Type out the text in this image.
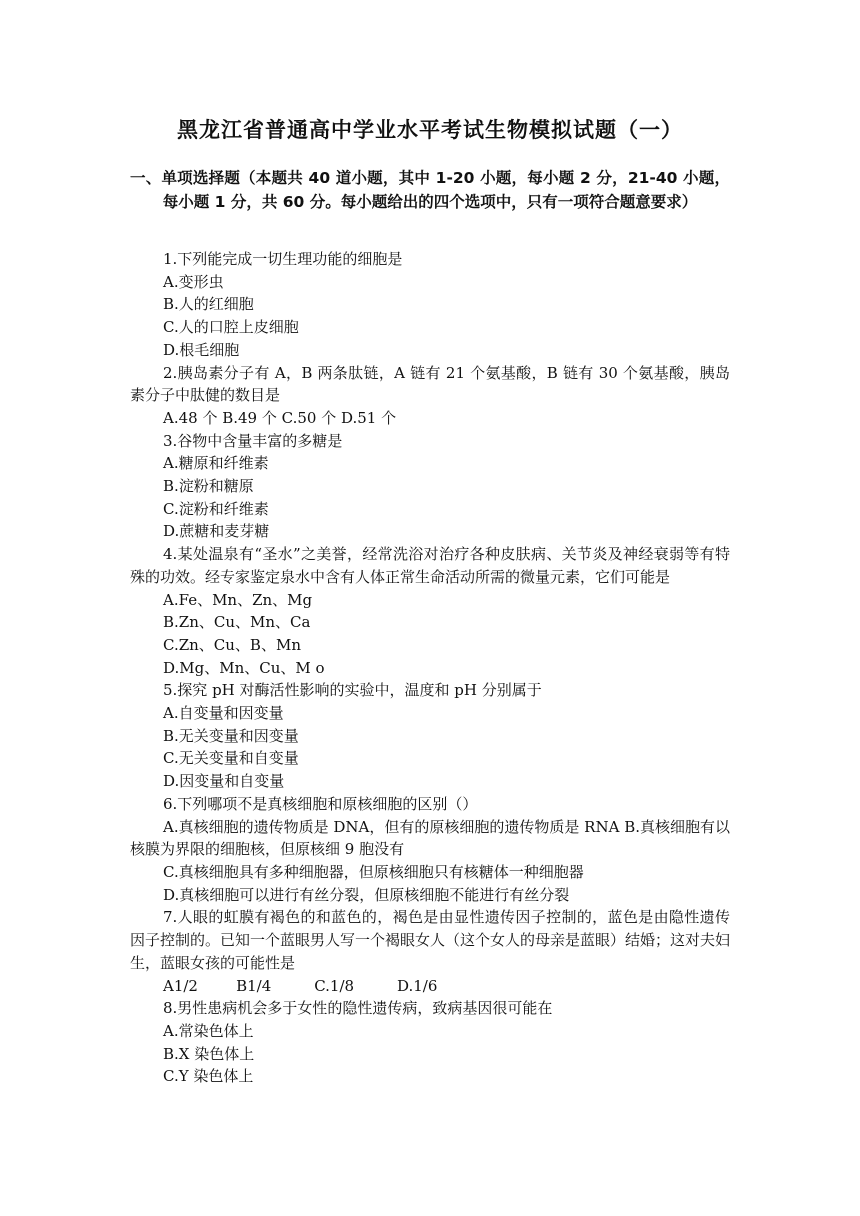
黑龙江省普通高中学业水平考试生物模拟试题（一）
一、单项选择题（本题共 40 道小题，其中 1-20 小题，每小题 2 分，21-40 小题，每小题 1 分，共 60 分。每小题给出的四个选项中，只有一项符合题意要求）

1.下列能完成一切生理功能的细胞是

A.变形虫

B.人的红细胞

C.人的口腔上皮细胞

D.根毛细胞

2.胰岛素分子有 A，B 两条肽链，A 链有 21 个氨基酸，B 链有 30 个氨基酸，胰岛素分子中肽健的数目是

A.48 个 B.49 个 C.50 个 D.51 个

3.谷物中含量丰富的多糖是

A.糖原和纤维素

B.淀粉和糖原

C.淀粉和纤维素

D.蔗糖和麦芽糖

4.某处温泉有“圣水”之美誉，经常洗浴对治疗各种皮肤病、关节炎及神经衰弱等有特殊的功效。经专家鉴定泉水中含有人体正常生命活动所需的微量元素，它们可能是

A.Fe、Mn、Zn、Mg

B.Zn、Cu、Mn、Ca

C.Zn、Cu、B、Mn

D.Mg、Mn、Cu、M o

5.探究 pH 对酶活性影响的实验中，温度和 pH 分别属于

A.自变量和因变量

B.无关变量和因变量

C.无关变量和自变量

D.因变量和自变量

6.下列哪项不是真核细胞和原核细胞的区别（）

A.真核细胞的遗传物质是 DNA，但有的原核细胞的遗传物质是 RNA B.真核细胞有以核膜为界限的细胞核，但原核细 9 胞没有

C.真核细胞具有多种细胞器，但原核细胞只有核糖体一种细胞器

D.真核细胞可以进行有丝分裂，但原核细胞不能进行有丝分裂

7.人眼的虹膜有褐色的和蓝色的，褐色是由显性遗传因子控制的，蓝色是由隐性遗传因子控制的。已知一个蓝眼男人写一个褐眼女人（这个女人的母亲是蓝眼）结婚；这对夫妇生，蓝眼女孩的可能性是

A1/2        B1/4         C.1/8         D.1/6

8.男性患病机会多于女性的隐性遗传病，致病基因很可能在

A.常染色体上

B.X 染色体上

C.Y 染色体上
